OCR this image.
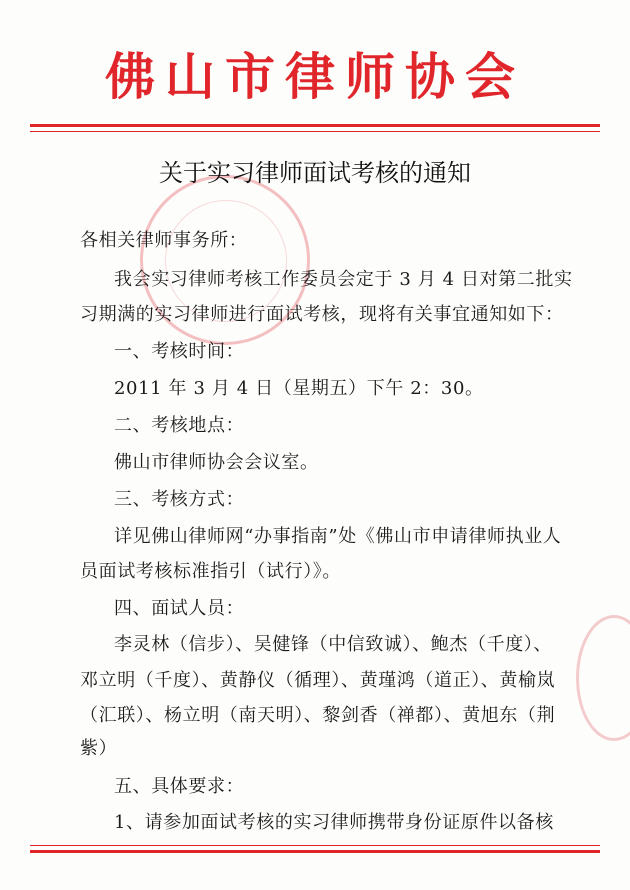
佛山市律师协会
关于实习律师面试考核的通知
各相关律师事务所：
我会实习律师考核工作委员会定于 3 月 4 日对第二批实
习期满的实习律师进行面试考核，现将有关事宜通知如下：
一、考核时间：
2011 年 3 月 4 日（星期五）下午 2：30。
二、考核地点：
佛山市律师协会会议室。
三、考核方式：
详见佛山律师网“办事指南”处《佛山市申请律师执业人
员面试考核标准指引（试行）》。
四、面试人员：
李灵林（信步）、吴健锋（中信致诚）、鲍杰（千度）、
邓立明（千度）、黄静仪（循理）、黄瑾鸿（道正）、黄榆岚
（汇联）、杨立明（南天明）、黎剑香（禅都）、黄旭东（荆
紫）
五、具体要求：
1、请参加面试考核的实习律师携带身份证原件以备核
